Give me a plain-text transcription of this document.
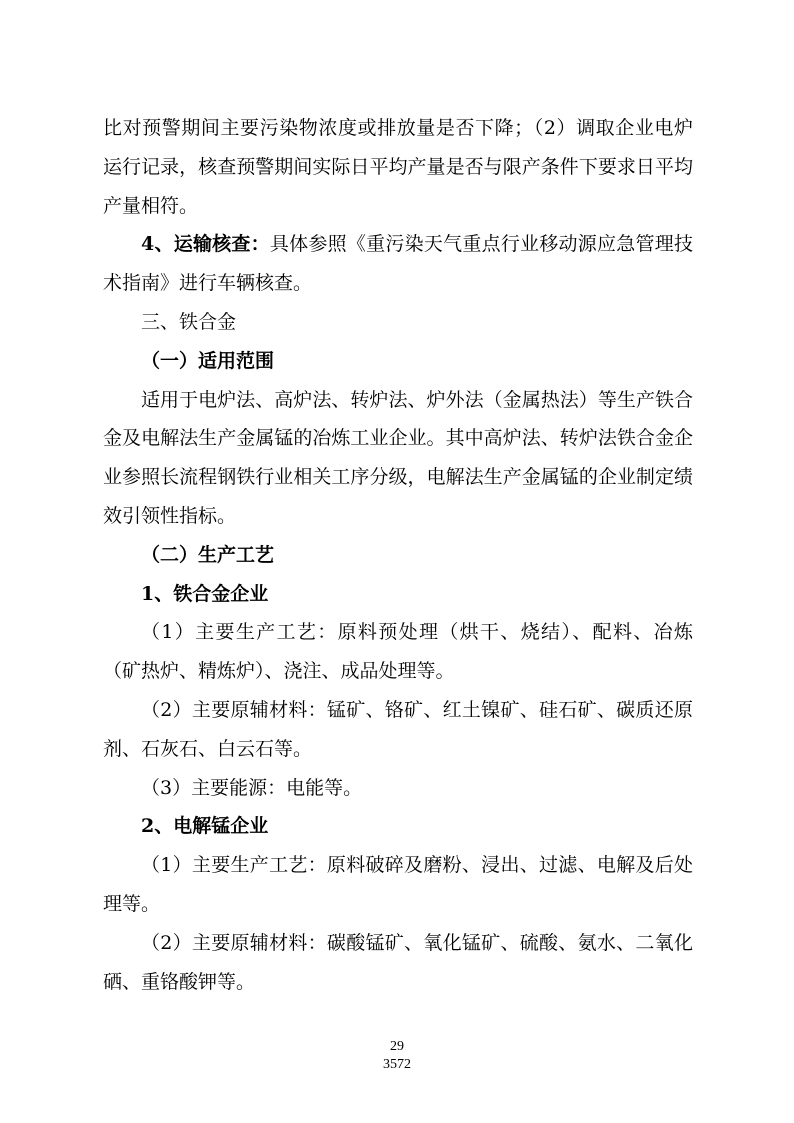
比对预警期间主要污染物浓度或排放量是否下降；（2）调取企业电炉运行记录，核查预警期间实际日平均产量是否与限产条件下要求日平均产量相符。

4、运输核查：具体参照《重污染天气重点行业移动源应急管理技术指南》进行车辆核查。

三、铁合金

（一）适用范围

适用于电炉法、高炉法、转炉法、炉外法（金属热法）等生产铁合金及电解法生产金属锰的冶炼工业企业。其中高炉法、转炉法铁合金企业参照长流程钢铁行业相关工序分级，电解法生产金属锰的企业制定绩效引领性指标。

（二）生产工艺

1、铁合金企业

（1）主要生产工艺：原料预处理（烘干、烧结）、配料、冶炼（矿热炉、精炼炉）、浇注、成品处理等。

（2）主要原辅材料：锰矿、铬矿、红土镍矿、硅石矿、碳质还原剂、石灰石、白云石等。

（3）主要能源：电能等。

2、电解锰企业

（1）主要生产工艺：原料破碎及磨粉、浸出、过滤、电解及后处理等。

（2）主要原辅材料：碳酸锰矿、氧化锰矿、硫酸、氨水、二氧化硒、重铬酸钾等。

29
3572
